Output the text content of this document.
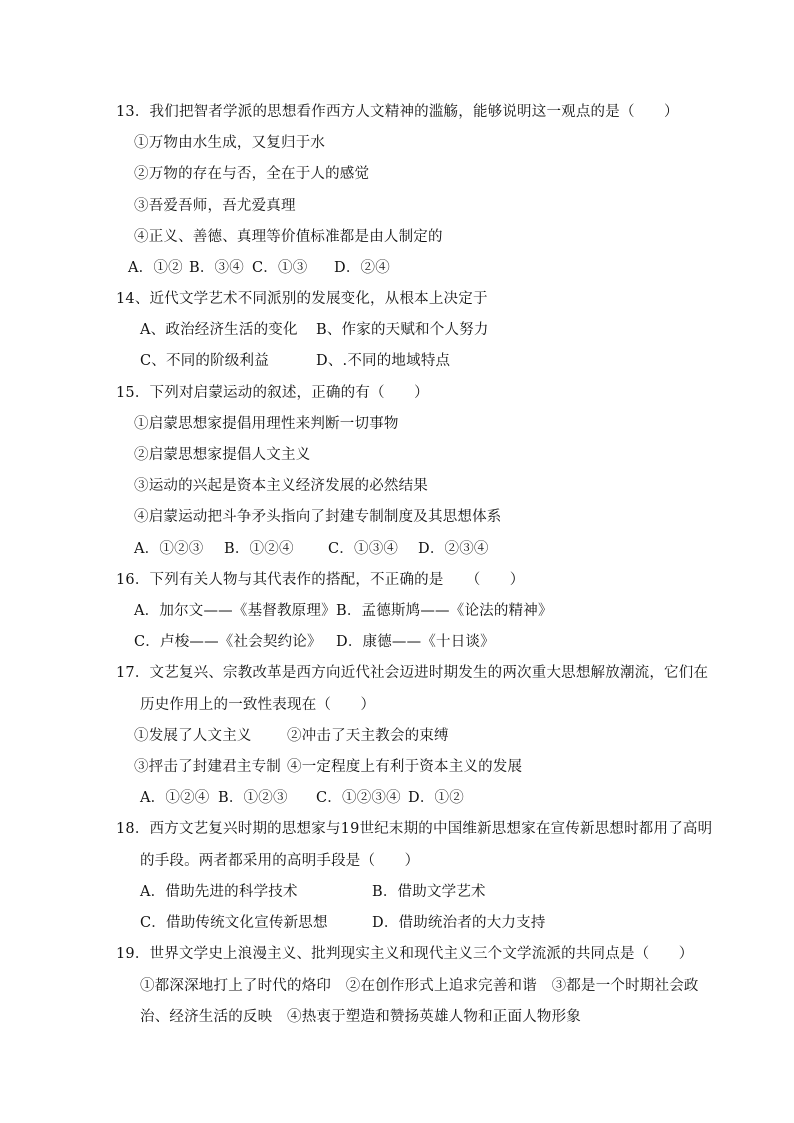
13．我们把智者学派的思想看作西方人文精神的滥觞，能够说明这一观点的是（　　）
①万物由水生成，又复归于水
②万物的存在与否，全在于人的感觉
③吾爱吾师，吾尤爱真理
④正义、善德、真理等价值标准都是由人制定的
A．①② B．③④ C．①③ D．②④
14、近代文学艺术不同派别的发展变化，从根本上决定于
A、政治经济生活的变化 B、作家的天赋和个人努力
C、不同的阶级利益	D、.不同的地域特点
15．下列对启蒙运动的叙述，正确的有（　　）
①启蒙思想家提倡用理性来判断一切事物
②启蒙思想家提倡人文主义
③运动的兴起是资本主义经济发展的必然结果
④启蒙运动把斗争矛头指向了封建专制制度及其思想体系
A．①②③ B．①②④ C．①③④ D．②③④
16．下列有关人物与其代表作的搭配，不正确的是　　（　　）
A．加尔文——《基督教原理》 B．孟德斯鸠——《论法的精神》
C．卢梭——《社会契约论》 D．康德——《十日谈》
17．文艺复兴、宗教改革是西方向近代社会迈进时期发生的两次重大思想解放潮流，它们在
历史作用上的一致性表现在（　　）
①发展了人文主义 ②冲击了天主教会的束缚
③抨击了封建君主专制 ④一定程度上有利于资本主义的发展
A．①②④ B．①②③ C．①②③④ D．①②
18．西方文艺复兴时期的思想家与19世纪末期的中国维新思想家在宣传新思想时都用了高明
的手段。两者都采用的高明手段是（　　）
A．借助先进的科学技术	B．借助文学艺术
C．借助传统文化宣传新思想	D．借助统治者的大力支持
19．世界文学史上浪漫主义、批判现实主义和现代主义三个文学流派的共同点是（　　）
①都深深地打上了时代的烙印　②在创作形式上追求完善和谐　③都是一个时期社会政
治、经济生活的反映　④热衷于塑造和赞扬英雄人物和正面人物形象
